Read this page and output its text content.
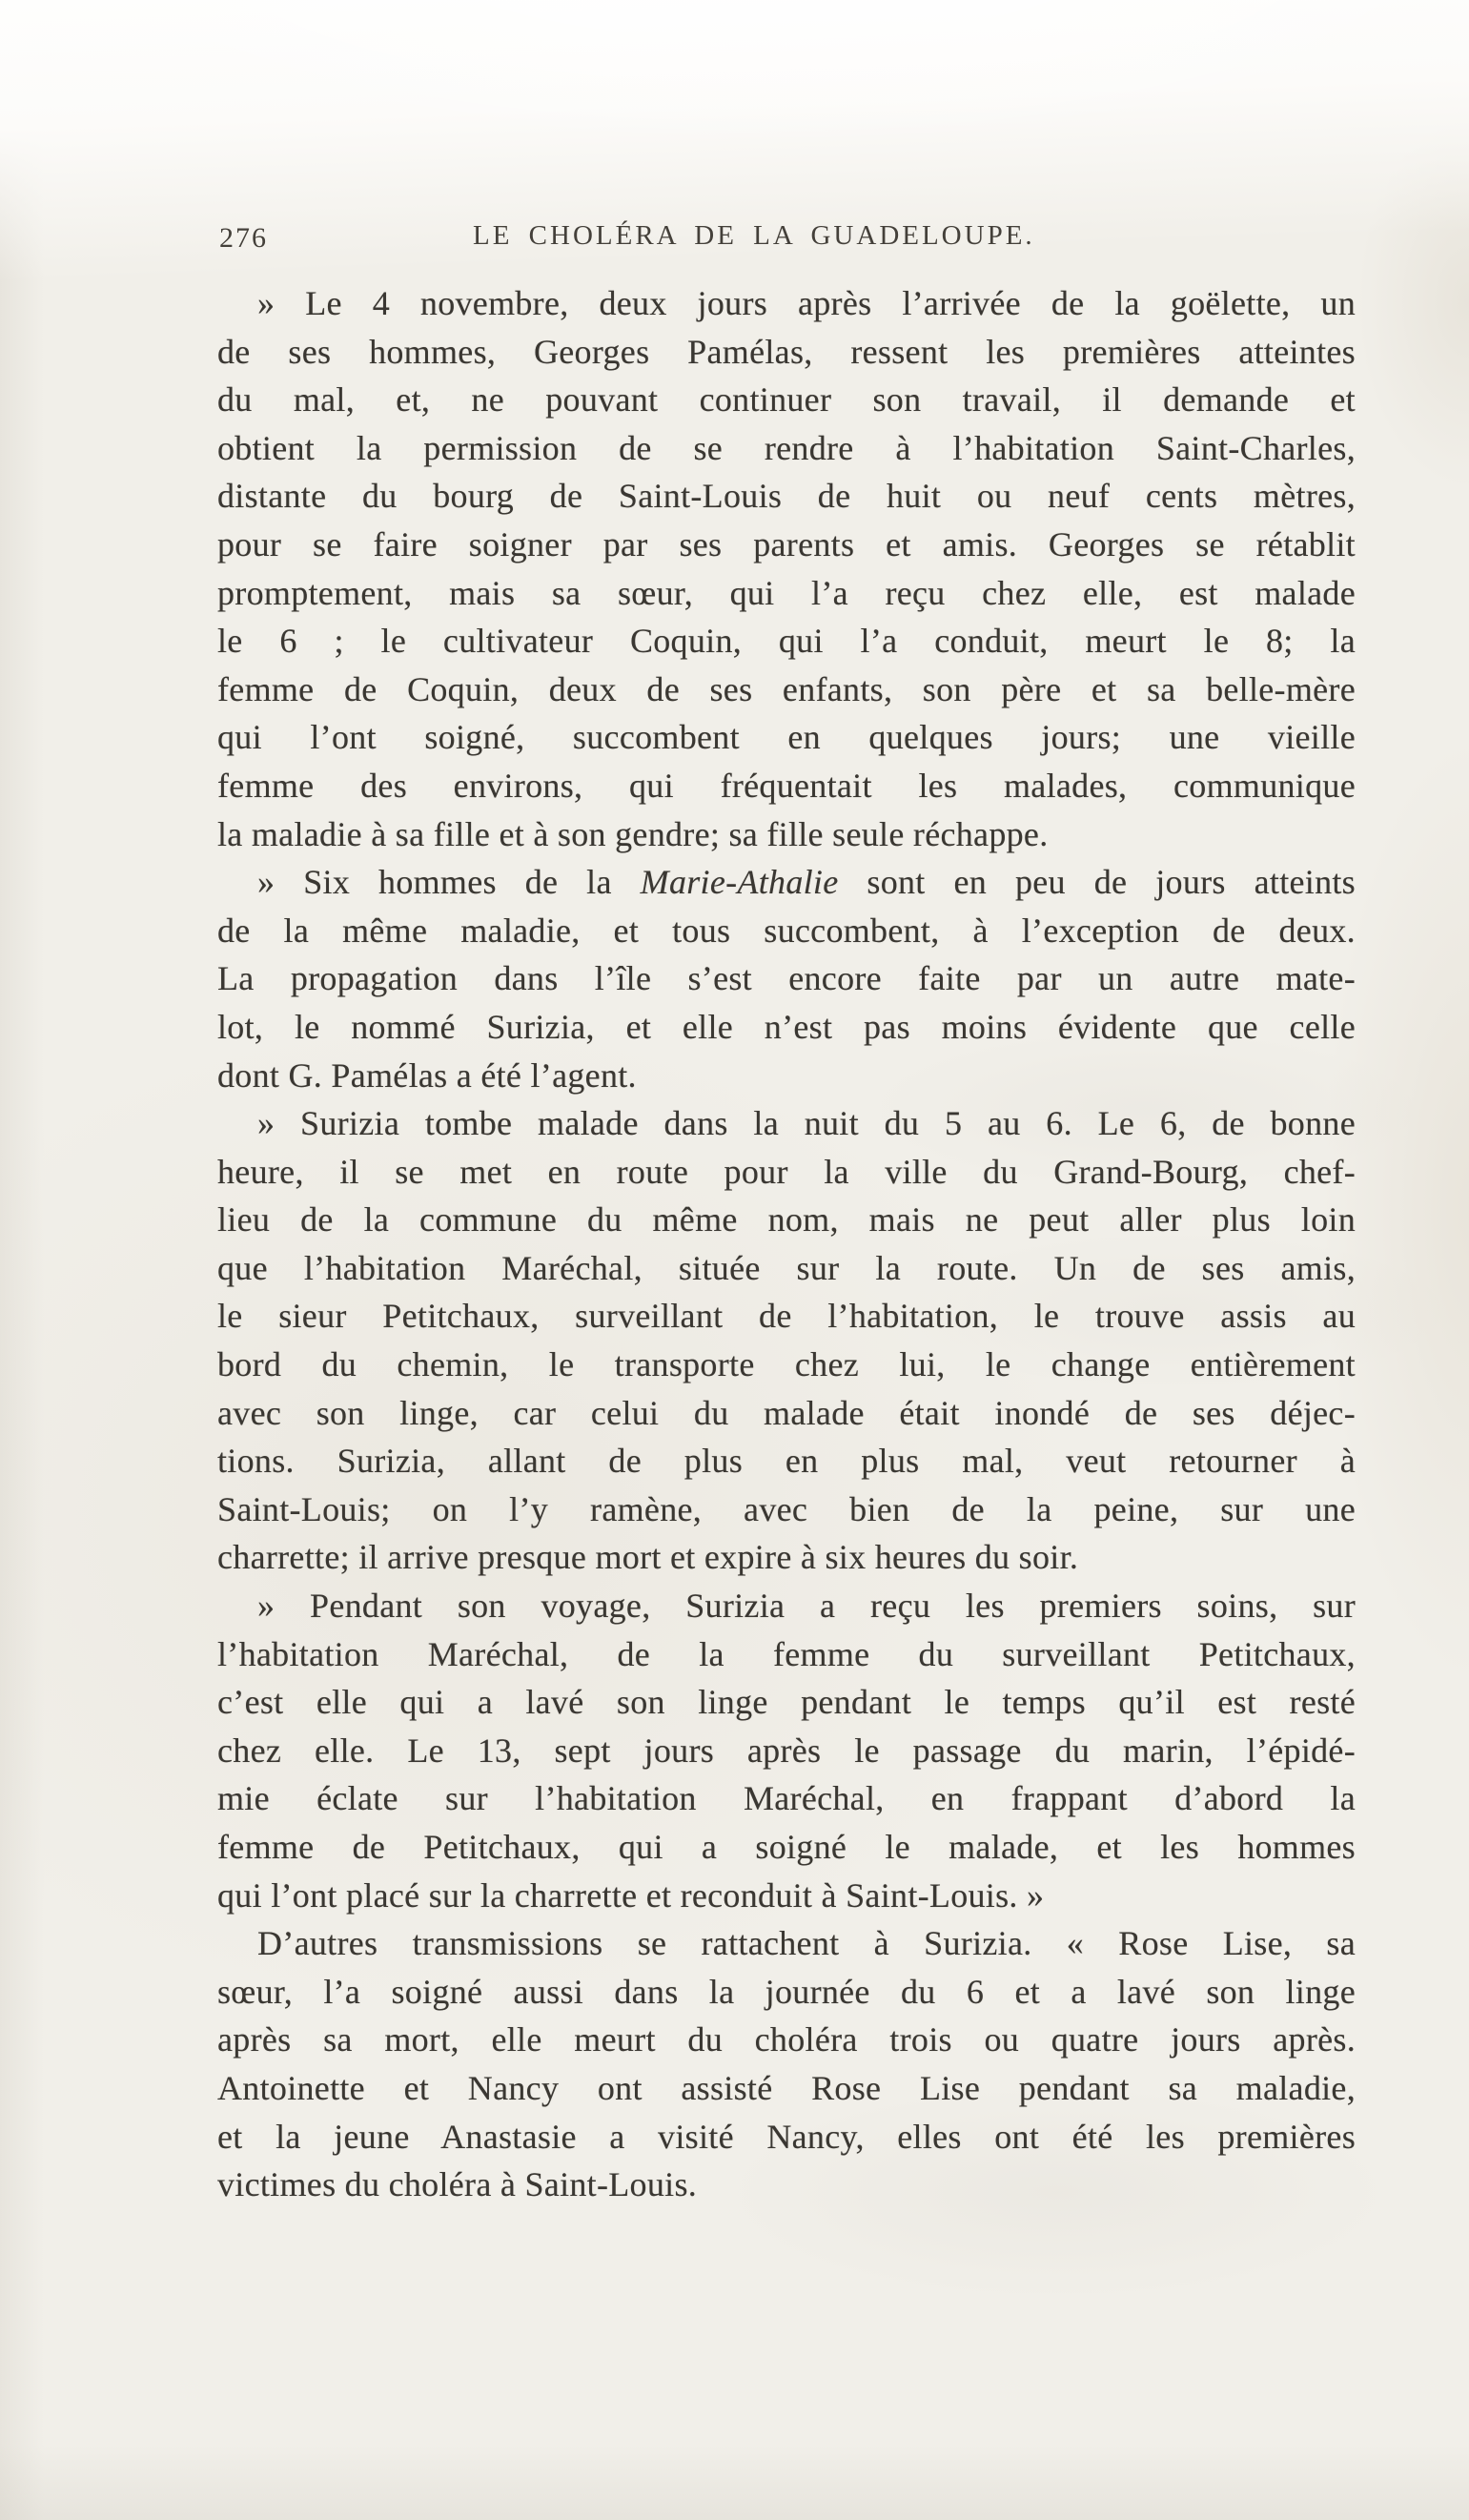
276	LE CHOLÉRA DE LA GUADELOUPE.
» Le 4 novembre, deux jours après l’arrivée de la goëlette, un
de ses hommes, Georges Pamélas, ressent les premières atteintes
du mal, et, ne pouvant continuer son travail, il demande et
obtient la permission de se rendre à l’habitation Saint-Charles,
distante du bourg de Saint-Louis de huit ou neuf cents mètres,
pour se faire soigner par ses parents et amis. Georges se rétablit
promptement, mais sa sœur, qui l’a reçu chez elle, est malade
le 6 ; le cultivateur Coquin, qui l’a conduit, meurt le 8; la
femme de Coquin, deux de ses enfants, son père et sa belle-mère
qui l’ont soigné, succombent en quelques jours; une vieille
femme des environs, qui fréquentait les malades, communique
la maladie à sa fille et à son gendre; sa fille seule réchappe.
» Six hommes de la Marie-Athalie sont en peu de jours atteints
de la même maladie, et tous succombent, à l’exception de deux.
La propagation dans l’île s’est encore faite par un autre mate-
lot, le nommé Surizia, et elle n’est pas moins évidente que celle
dont G. Pamélas a été l’agent.
» Surizia tombe malade dans la nuit du 5 au 6. Le 6, de bonne
heure, il se met en route pour la ville du Grand-Bourg, chef-
lieu de la commune du même nom, mais ne peut aller plus loin
que l’habitation Maréchal, située sur la route. Un de ses amis,
le sieur Petitchaux, surveillant de l’habitation, le trouve assis au
bord du chemin, le transporte chez lui, le change entièrement
avec son linge, car celui du malade était inondé de ses déjec-
tions. Surizia, allant de plus en plus mal, veut retourner à
Saint-Louis; on l’y ramène, avec bien de la peine, sur une
charrette; il arrive presque mort et expire à six heures du soir.
» Pendant son voyage, Surizia a reçu les premiers soins, sur
l’habitation Maréchal, de la femme du surveillant Petitchaux,
c’est elle qui a lavé son linge pendant le temps qu’il est resté
chez elle. Le 13, sept jours après le passage du marin, l’épidé-
mie éclate sur l’habitation Maréchal, en frappant d’abord la
femme de Petitchaux, qui a soigné le malade, et les hommes
qui l’ont placé sur la charrette et reconduit à Saint-Louis. »
D’autres transmissions se rattachent à Surizia. « Rose Lise, sa
sœur, l’a soigné aussi dans la journée du 6 et a lavé son linge
après sa mort, elle meurt du choléra trois ou quatre jours après.
Antoinette et Nancy ont assisté Rose Lise pendant sa maladie,
et la jeune Anastasie a visité Nancy, elles ont été les premières
victimes du choléra à Saint-Louis.
